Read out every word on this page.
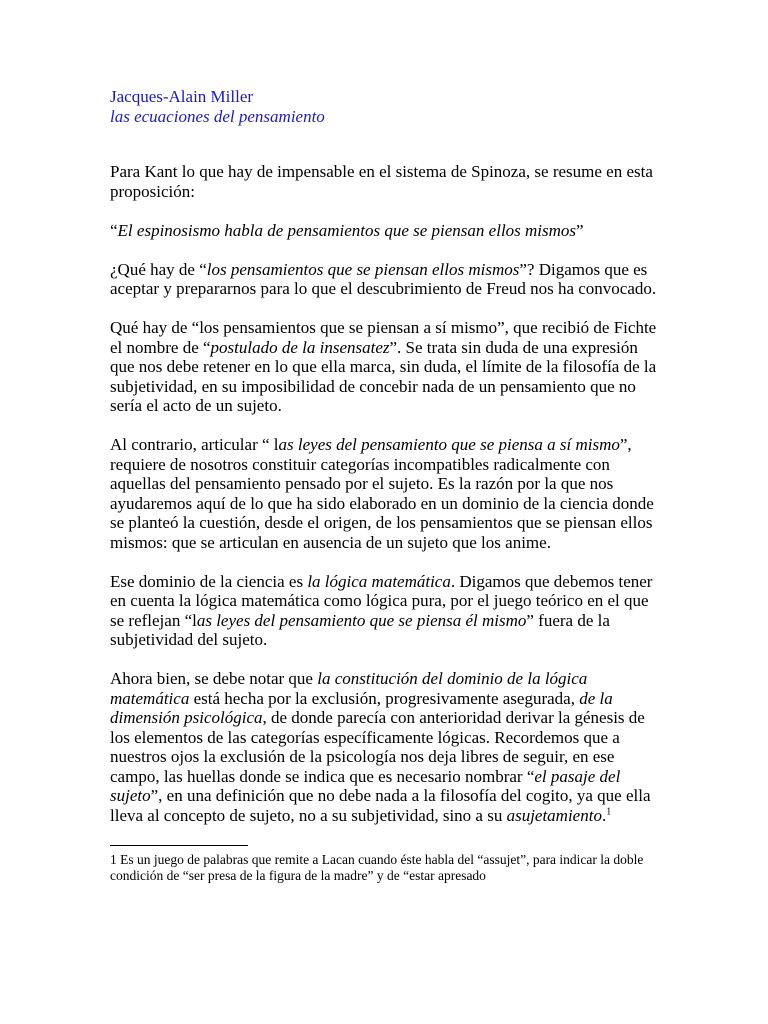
Jacques-Alain Miller
las ecuaciones del pensamiento

Para Kant lo que hay de impensable en el sistema de Spinoza, se resume en esta proposición:

“El espinosismo habla de pensamientos que se piensan ellos mismos”

¿Qué hay de “los pensamientos que se piensan ellos mismos”? Digamos que es aceptar y prepararnos para lo que el descubrimiento de Freud nos ha convocado.

Qué hay de “los pensamientos que se piensan a sí mismo”, que recibió de Fichte el nombre de “postulado de la insensatez”. Se trata sin duda de una expresión que nos debe retener en lo que ella marca, sin duda, el límite de la filosofía de la subjetividad, en su imposibilidad de concebir nada de un pensamiento que no sería el acto de un sujeto.

Al contrario, articular “ las leyes del pensamiento que se piensa a sí mismo”, requiere de nosotros constituir categorías incompatibles radicalmente con aquellas del pensamiento pensado por el sujeto. Es la razón por la que nos ayudaremos aquí de lo que ha sido elaborado en un dominio de la ciencia donde se planteó la cuestión, desde el origen, de los pensamientos que se piensan ellos mismos: que se articulan en ausencia de un sujeto que los anime.

Ese dominio de la ciencia es la lógica matemática. Digamos que debemos tener en cuenta la lógica matemática como lógica pura, por el juego teórico en el que se reflejan “las leyes del pensamiento que se piensa él mismo” fuera de la subjetividad del sujeto.

Ahora bien, se debe notar que la constitución del dominio de la lógica matemática está hecha por la exclusión, progresivamente asegurada, de la dimensión psicológica, de donde parecía con anterioridad derivar la génesis de los elementos de las categorías específicamente lógicas. Recordemos que a nuestros ojos la exclusión de la psicología nos deja libres de seguir, en ese campo, las huellas donde se indica que es necesario nombrar “el pasaje del sujeto”, en una definición que no debe nada a la filosofía del cogito, ya que ella lleva al concepto de sujeto, no a su subjetividad, sino a su asujetamiento.$^1$

1 Es un juego de palabras que remite a Lacan cuando éste habla del “assujet”, para indicar la doble condición de “ser presa de la figura de la madre” y de “estar apresado
